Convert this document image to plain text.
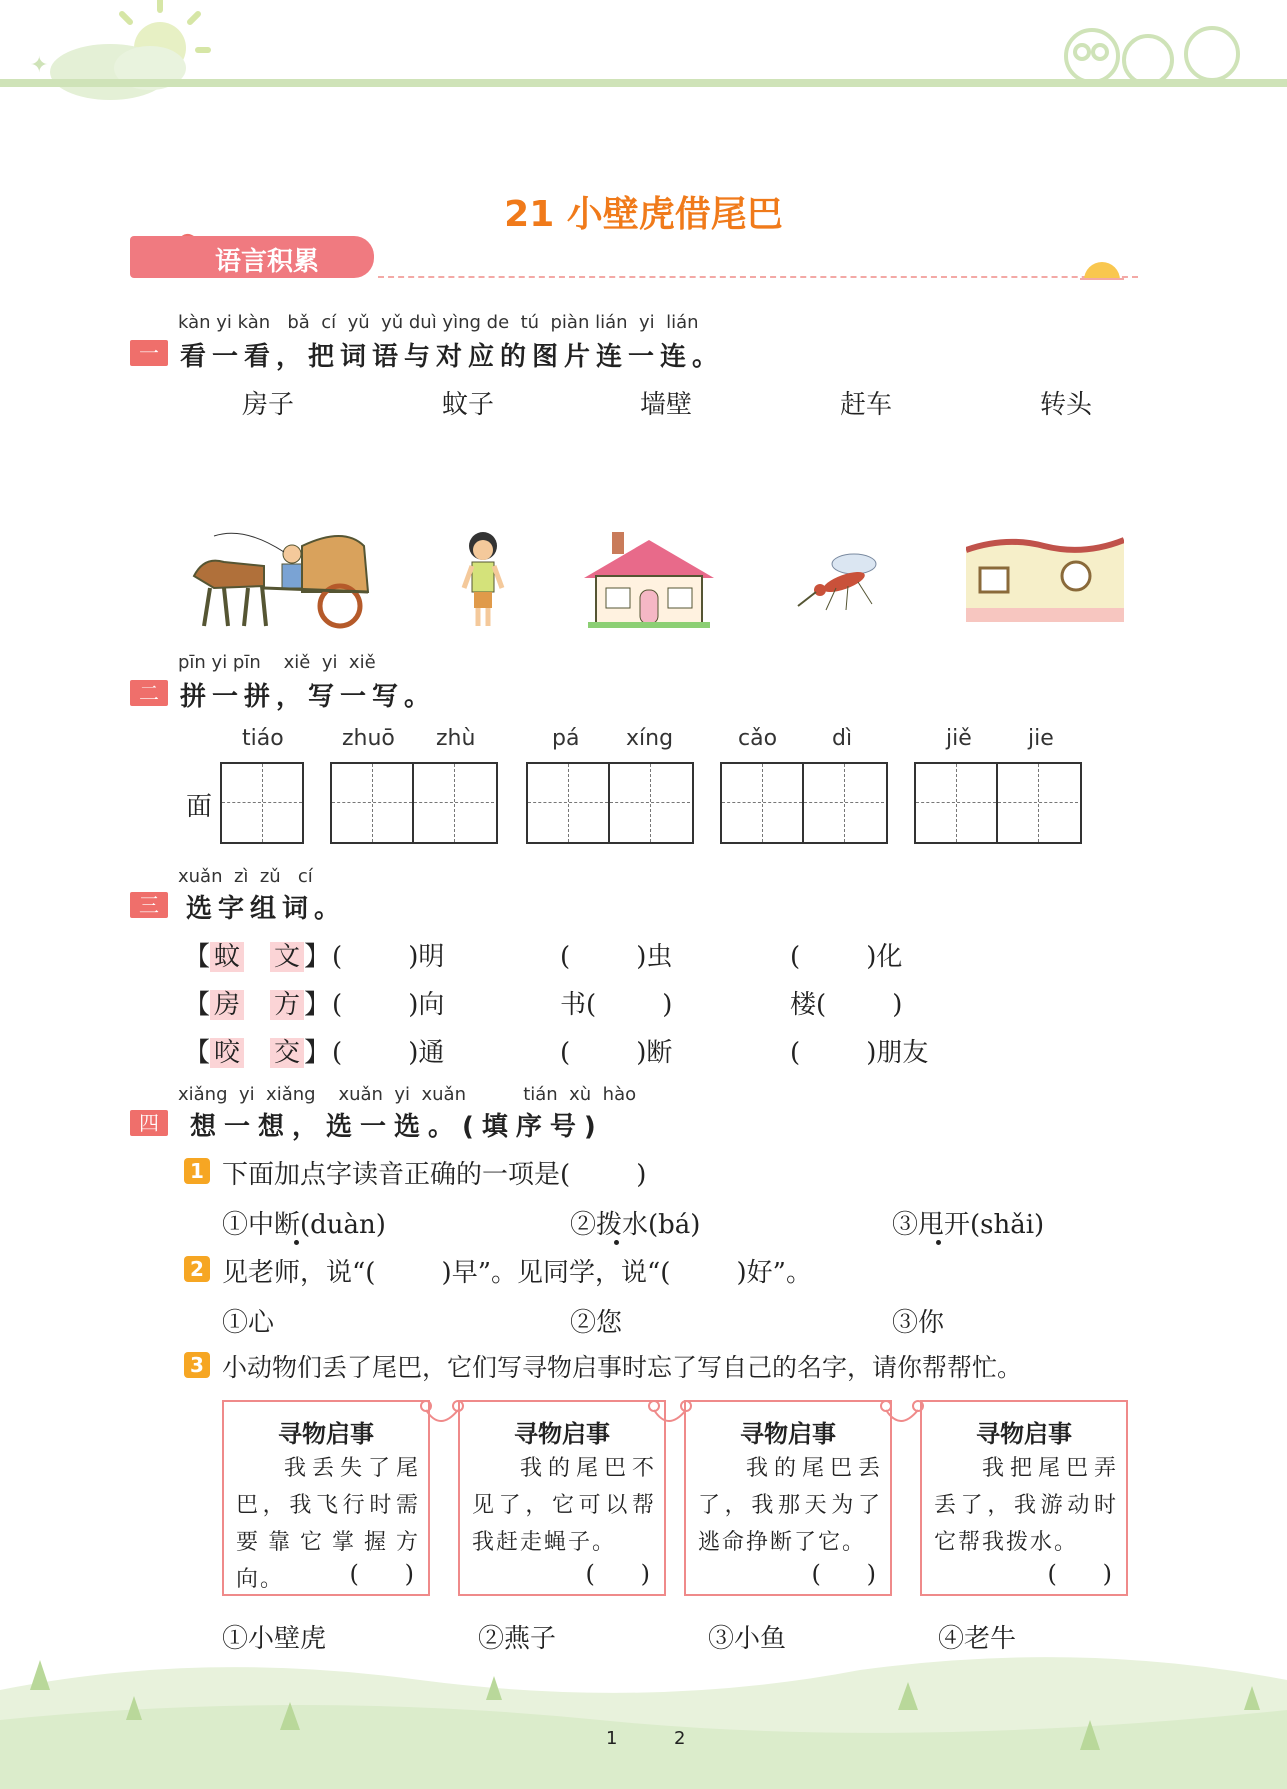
✦
21 小壁虎借尾巴
语言积累
kàn yi kàn   bǎ  cí  yǔ  yǔ duì yìng de  tú  piàn lián  yi  lián
一 看一看，把词语与对应的图片连一连。
房子	蚊子	墙壁	赶车	转头
pīn yi pīn    xiě  yi  xiě
二 拼一拼，写一写。
tiáo	zhuō zhù	pá xíng	cǎo dì	jiě	jie
面
xuǎn  zì  zǔ   cí
三	选字组词。
【 蚊　 文 】 (        )明	(        )虫	(        )化
【 房　 方 】 (        )向	书(        )	楼(        )
【 咬　 交 】 (        )通	(        )断	(        )朋友
xiǎng  yi  xiǎng    xuǎn  yi  xuǎn          tián  xù  hào
四	想一想，选一选。(填序号)
1 下面加点字读音正确的一项是(        )
①中断(duàn)	②拨水(bá)	③甩开(shǎi)
2 见老师，说“(        )早”。见同学，说“(        )好”。
①心	②您	③你
3 小动物们丢了尾巴，它们写寻物启事时忘了写自己的名字，请你帮帮忙。
寻物启事
我丢失了尾巴，我飞行时需要靠它掌握方向。	(      )
寻物启事
我的尾巴不见了，它可以帮我赶走蝇子。
(      )
寻物启事
我的尾巴丢了，我那天为了逃命挣断了它。
(      )
寻物启事
我把尾巴弄丢了，我游动时它帮我拨水。
(      )
①小壁虎	②燕子	③小鱼	④老牛
1	2
